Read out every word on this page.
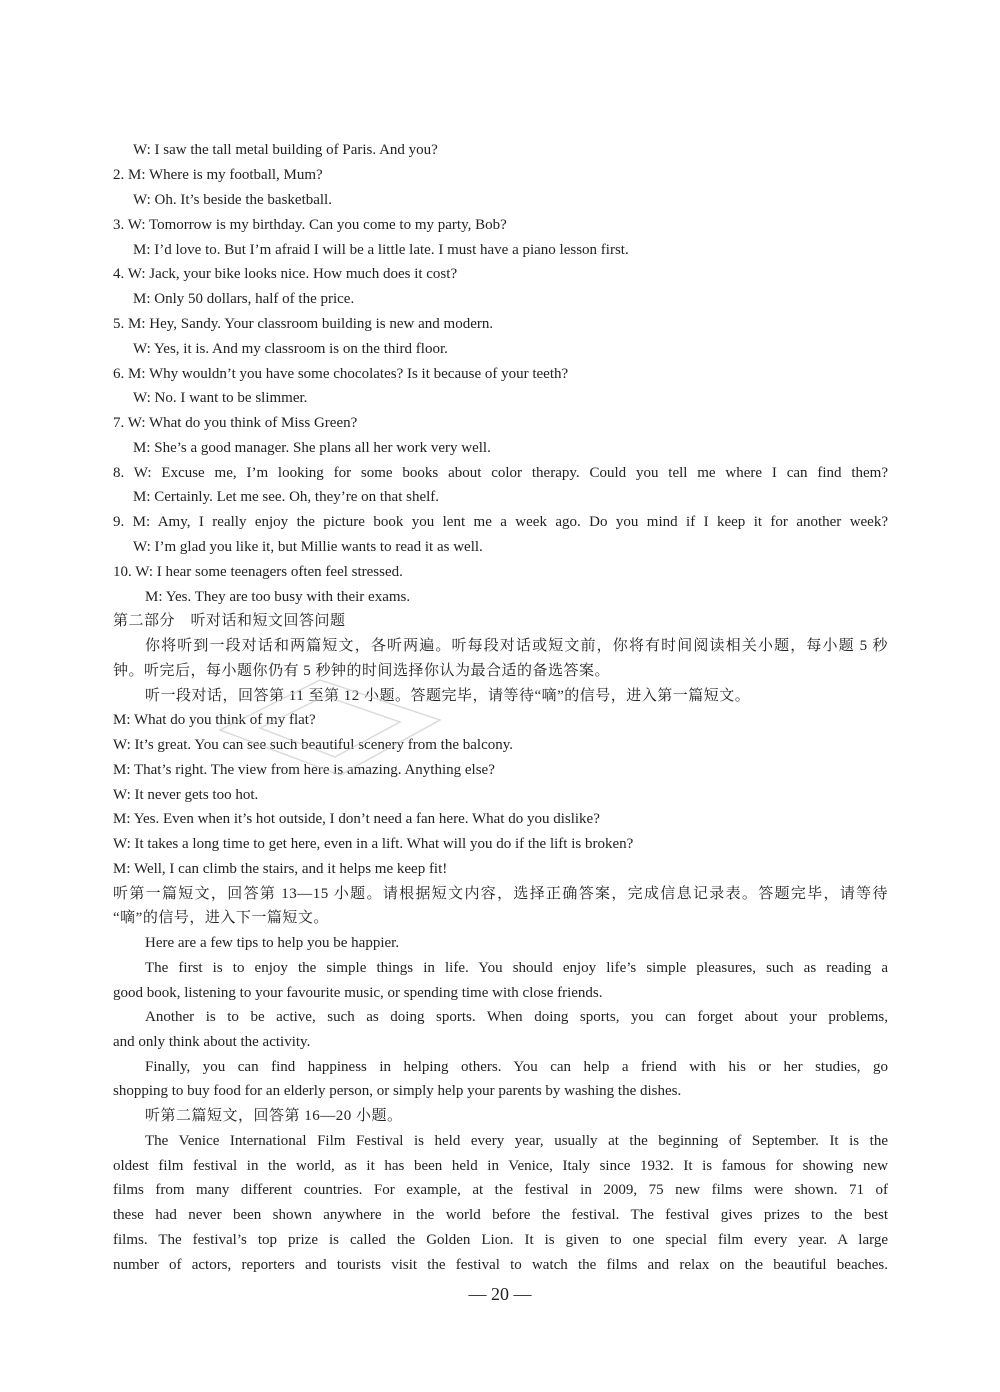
W: I saw the tall metal building of Paris. And you?
2. M: Where is my football, Mum?
W: Oh. It’s beside the basketball.
3. W: Tomorrow is my birthday. Can you come to my party, Bob?
M: I’d love to. But I’m afraid I will be a little late. I must have a piano lesson first.
4. W: Jack, your bike looks nice. How much does it cost?
M: Only 50 dollars, half of the price.
5. M: Hey, Sandy. Your classroom building is new and modern.
W: Yes, it is. And my classroom is on the third floor.
6. M: Why wouldn’t you have some chocolates? Is it because of your teeth?
W: No. I want to be slimmer.
7. W: What do you think of Miss Green?
M: She’s a good manager. She plans all her work very well.
8. W: Excuse me, I’m looking for some books about color therapy. Could you tell me where I can find them?
M: Certainly. Let me see. Oh, they’re on that shelf.
9. M: Amy, I really enjoy the picture book you lent me a week ago. Do you mind if I keep it for another week?
W: I’m glad you like it, but Millie wants to read it as well.
10. W: I hear some teenagers often feel stressed.
M: Yes. They are too busy with their exams.
第二部分　听对话和短文回答问题
你将听到一段对话和两篇短文，各听两遍。听每段对话或短文前，你将有时间阅读相关小题，每小题 5 秒
钟。听完后，每小题你仍有 5 秒钟的时间选择你认为最合适的备选答案。
听一段对话，回答第 11 至第 12 小题。答题完毕，请等待“嘀”的信号，进入第一篇短文。
M: What do you think of my flat?
W: It’s great. You can see such beautiful scenery from the balcony.
M: That’s right. The view from here is amazing. Anything else?
W: It never gets too hot.
M: Yes. Even when it’s hot outside, I don’t need a fan here. What do you dislike?
W: It takes a long time to get here, even in a lift. What will you do if the lift is broken?
M: Well, I can climb the stairs, and it helps me keep fit!
听第一篇短文，回答第 13—15 小题。请根据短文内容，选择正确答案，完成信息记录表。答题完毕，请等待
“嘀”的信号，进入下一篇短文。
Here are a few tips to help you be happier.
The first is to enjoy the simple things in life. You should enjoy life’s simple pleasures, such as reading a
good book, listening to your favourite music, or spending time with close friends.
Another is to be active, such as doing sports. When doing sports, you can forget about your problems,
and only think about the activity.
Finally, you can find happiness in helping others. You can help a friend with his or her studies, go
shopping to buy food for an elderly person, or simply help your parents by washing the dishes.
听第二篇短文，回答第 16—20 小题。
The Venice International Film Festival is held every year, usually at the beginning of September. It is the
oldest film festival in the world, as it has been held in Venice, Italy since 1932. It is famous for showing new
films from many different countries. For example, at the festival in 2009, 75 new films were shown. 71 of
these had never been shown anywhere in the world before the festival. The festival gives prizes to the best
films. The festival’s top prize is called the Golden Lion. It is given to one special film every year. A large
number of actors, reporters and tourists visit the festival to watch the films and relax on the beautiful beaches.
— 20 —
